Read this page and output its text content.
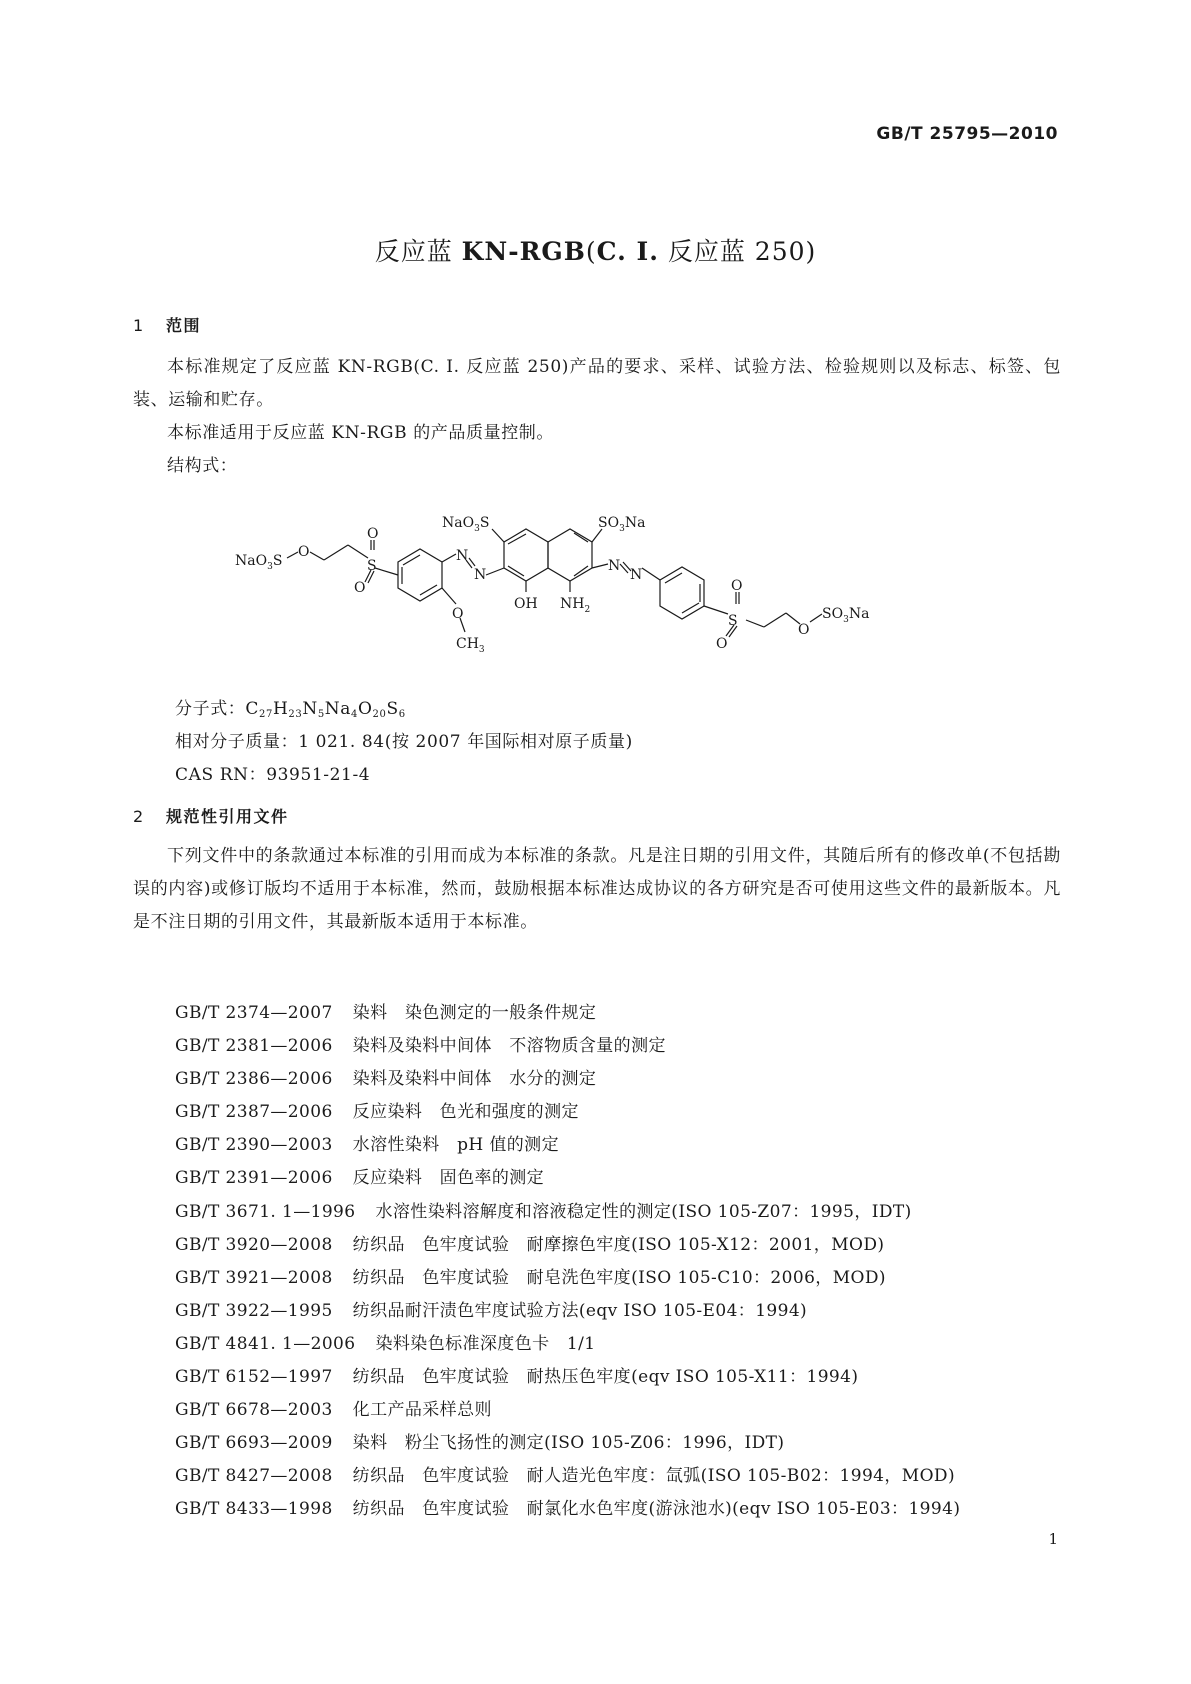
GB/T 25795—2010
反应蓝 KN-RGB(C. I. 反应蓝 250)
1 范围
本标准规定了反应蓝 KN-RGB(C. I. 反应蓝 250)产品的要求、采样、试验方法、检验规则以及标志、标签、包装、运输和贮存。
本标准适用于反应蓝 KN-RGB 的产品质量控制。
结构式：
NaO$_3$S
O
S
O
O
N
N
O
$CH_3$
NaO$_3$S	$SO_3Na$
OH $NH_2$
N
N
S
O
O
O
$SO_3Na$
分子式：$C_{27}H_{23}N_5Na_4O_{20}S_6$
相对分子质量：1 021. 84(按 2007 年国际相对原子质量)
CAS RN：93951-21-4
2 规范性引用文件
下列文件中的条款通过本标准的引用而成为本标准的条款。凡是注日期的引用文件，其随后所有的修改单(不包括勘误的内容)或修订版均不适用于本标准，然而，鼓励根据本标准达成协议的各方研究是否可使用这些文件的最新版本。凡是不注日期的引用文件，其最新版本适用于本标准。
GB/T 2374—2007 染料　染色测定的一般条件规定
GB/T 2381—2006 染料及染料中间体　不溶物质含量的测定
GB/T 2386—2006 染料及染料中间体　水分的测定
GB/T 2387—2006 反应染料　色光和强度的测定
GB/T 2390—2003 水溶性染料　pH 值的测定
GB/T 2391—2006 反应染料　固色率的测定
GB/T 3671. 1—1996 水溶性染料溶解度和溶液稳定性的测定(ISO 105-Z07：1995，IDT)
GB/T 3920—2008 纺织品　色牢度试验　耐摩擦色牢度(ISO 105-X12：2001，MOD)
GB/T 3921—2008 纺织品　色牢度试验　耐皂洗色牢度(ISO 105-C10：2006，MOD)
GB/T 3922—1995 纺织品耐汗渍色牢度试验方法(eqv ISO 105-E04：1994)
GB/T 4841. 1—2006 染料染色标准深度色卡　1/1
GB/T 6152—1997 纺织品　色牢度试验　耐热压色牢度(eqv ISO 105-X11：1994)
GB/T 6678—2003 化工产品采样总则
GB/T 6693—2009 染料　粉尘飞扬性的测定(ISO 105-Z06：1996，IDT)
GB/T 8427—2008 纺织品　色牢度试验　耐人造光色牢度：氙弧(ISO 105-B02：1994，MOD)
GB/T 8433—1998 纺织品　色牢度试验　耐氯化水色牢度(游泳池水)(eqv ISO 105-E03：1994)
1
